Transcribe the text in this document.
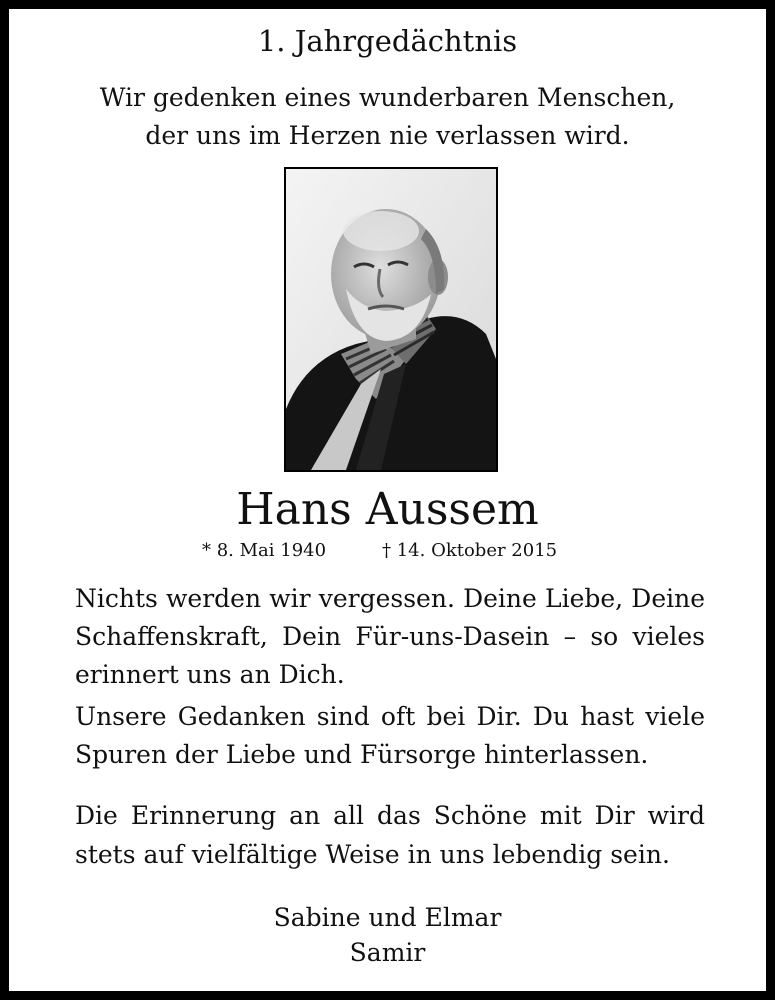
1. Jahrgedächtnis
Wir gedenken eines wunderbaren Menschen,
der uns im Herzen nie verlassen wird.
Hans Aussem
* 8. Mai 1940	† 14. Oktober 2015
Nichts werden wir vergessen. Deine Liebe, Deine
Schaffenskraft, Dein Für-uns-Dasein – so vieles
erinnert uns an Dich.
Unsere Gedanken sind oft bei Dir. Du hast viele
Spuren der Liebe und Fürsorge hinterlassen.
Die Erinnerung an all das Schöne mit Dir wird
stets auf vielfältige Weise in uns lebendig sein.
Sabine und Elmar
Samir
